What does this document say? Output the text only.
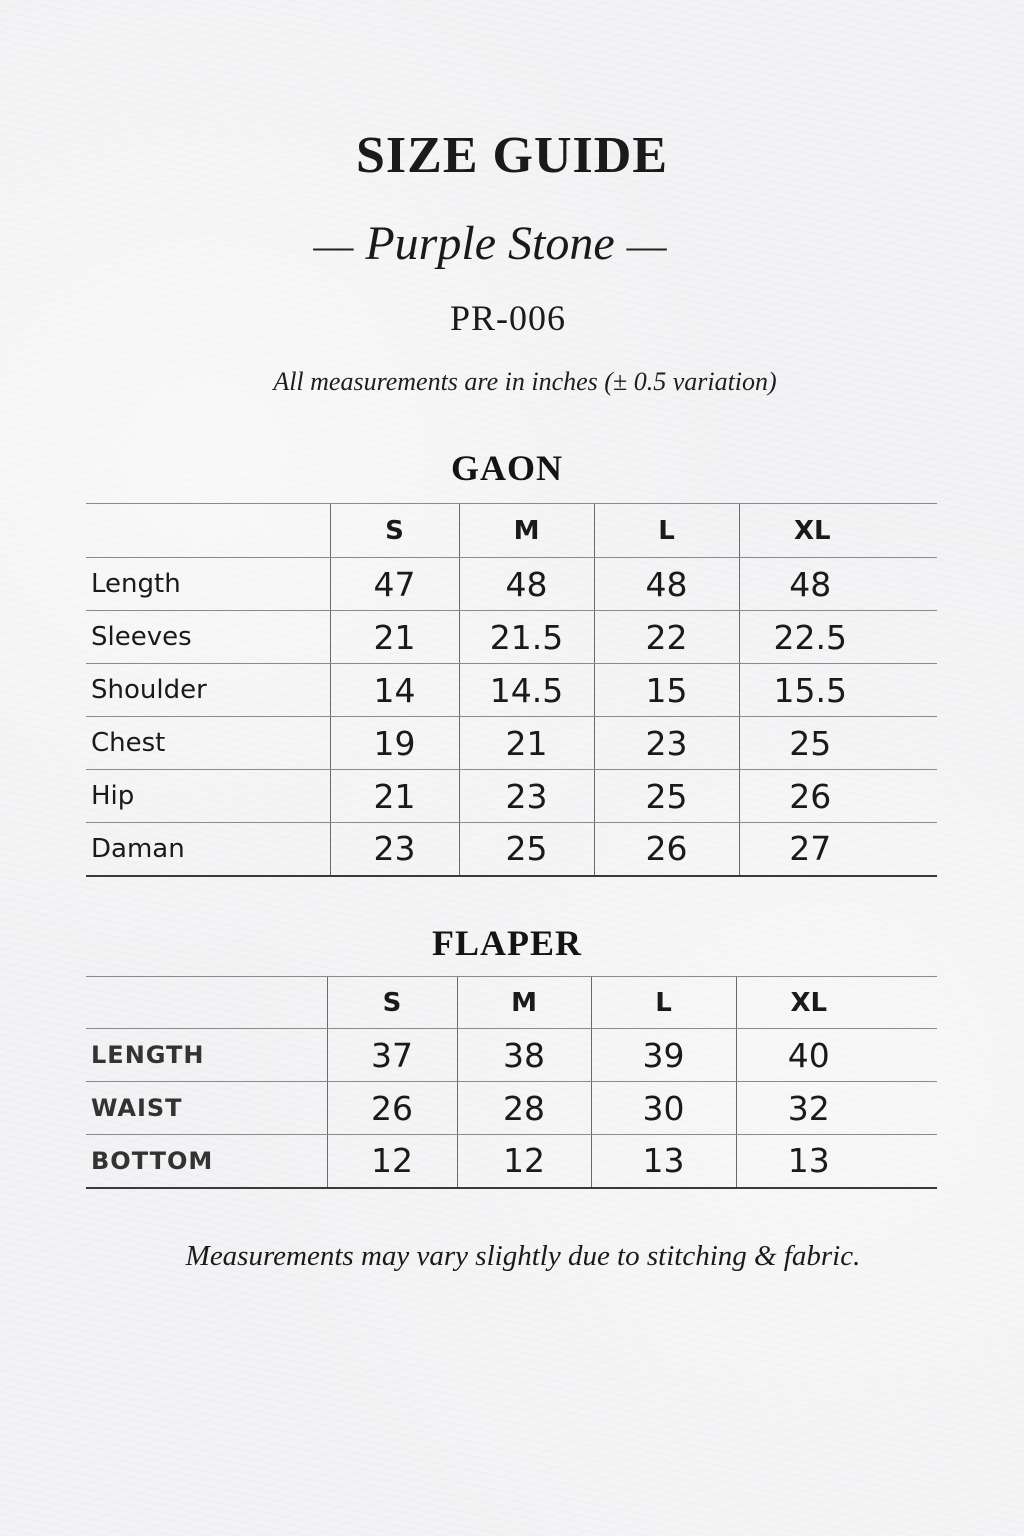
SIZE GUIDE
— Purple Stone —
PR-006
All measurements are in inches (± 0.5 variation)
GAON
	S	M	L	XL
Length	47	48	48	48
Sleeves	21	21.5	22	22.5
Shoulder	14	14.5	15	15.5
Chest	19	21	23	25
Hip	21	23	25	26
Daman	23	25	26	27
FLAPER
	S	M	L	XL
LENGTH	37	38	39	40
WAIST	26	28	30	32
BOTTOM	12	12	13	13
Measurements may vary slightly due to stitching & fabric.
